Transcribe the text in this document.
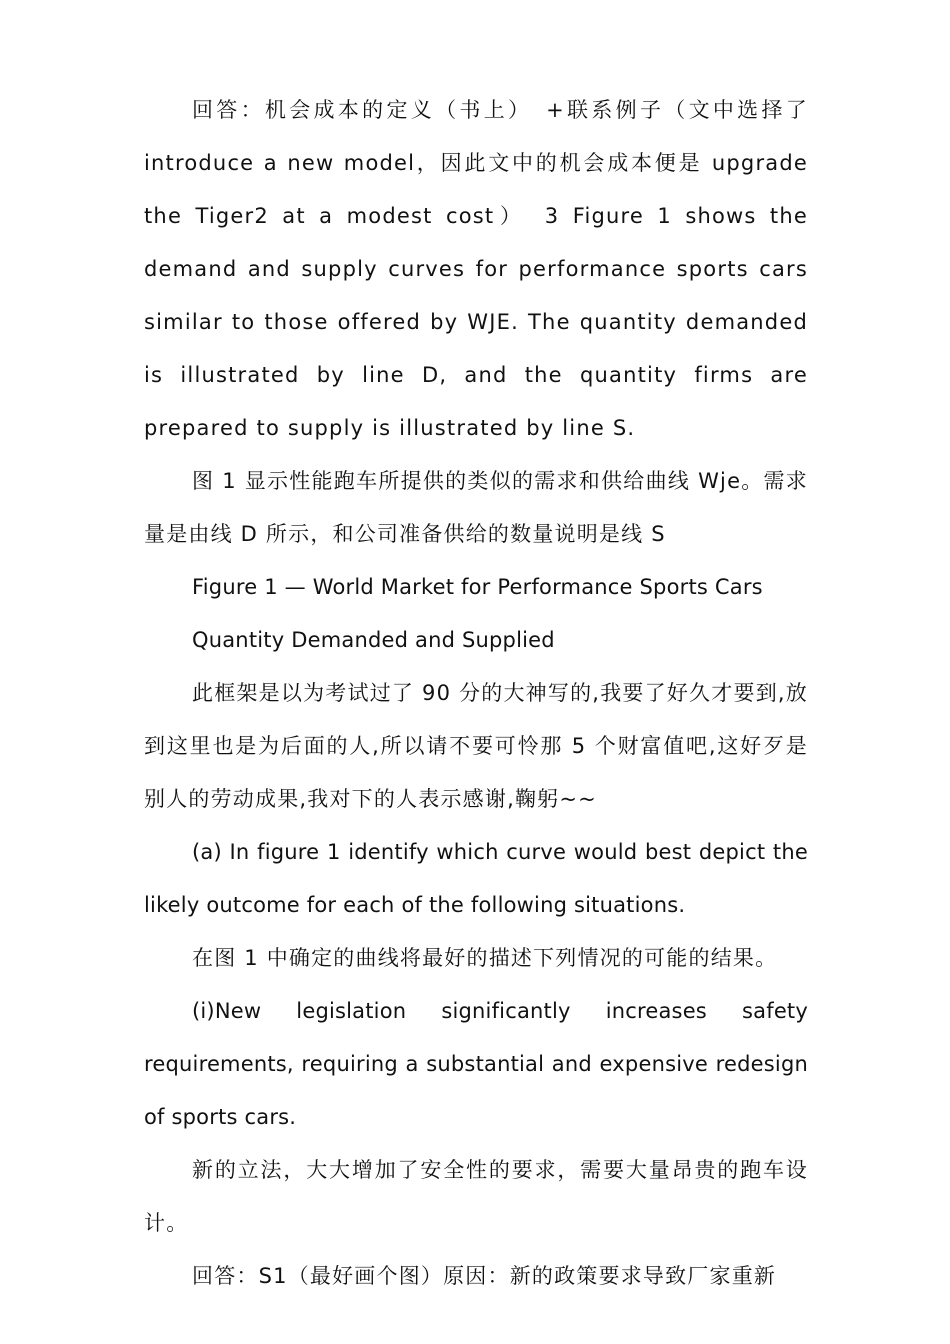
回答：机会成本的定义（书上）　+联系例子（文中选择了introduce a new model，因此文中的机会成本便是 upgrade the Tiger2 at a modest cost）　3 Figure 1 shows the demand and supply curves for performance sports cars similar to those offered by WJE. The quantity demanded is illustrated by line D, and the quantity firms are prepared to supply is illustrated by line S.

图 1 显示性能跑车所提供的类似的需求和供给曲线 Wje。需求量是由线 D 所示，和公司准备供给的数量说明是线 S

Figure 1 — World Market for Performance Sports Cars

Quantity Demanded and Supplied

此框架是以为考试过了 90 分的大神写的,我要了好久才要到,放到这里也是为后面的人,所以请不要可怜那 5 个财富值吧,这好歹是别人的劳动成果,我对下的人表示感谢,鞠躬~~

(a) In figure 1 identify which curve would best depict the likely outcome for each of the following situations.

在图 1 中确定的曲线将最好的描述下列情况的可能的结果。

(i)New legislation significantly increases safety requirements, requiring a substantial and expensive redesign of sports cars.

新的立法，大大增加了安全性的要求，需要大量昂贵的跑车设计。

回答：S1（最好画个图）原因：新的政策要求导致厂家重新
